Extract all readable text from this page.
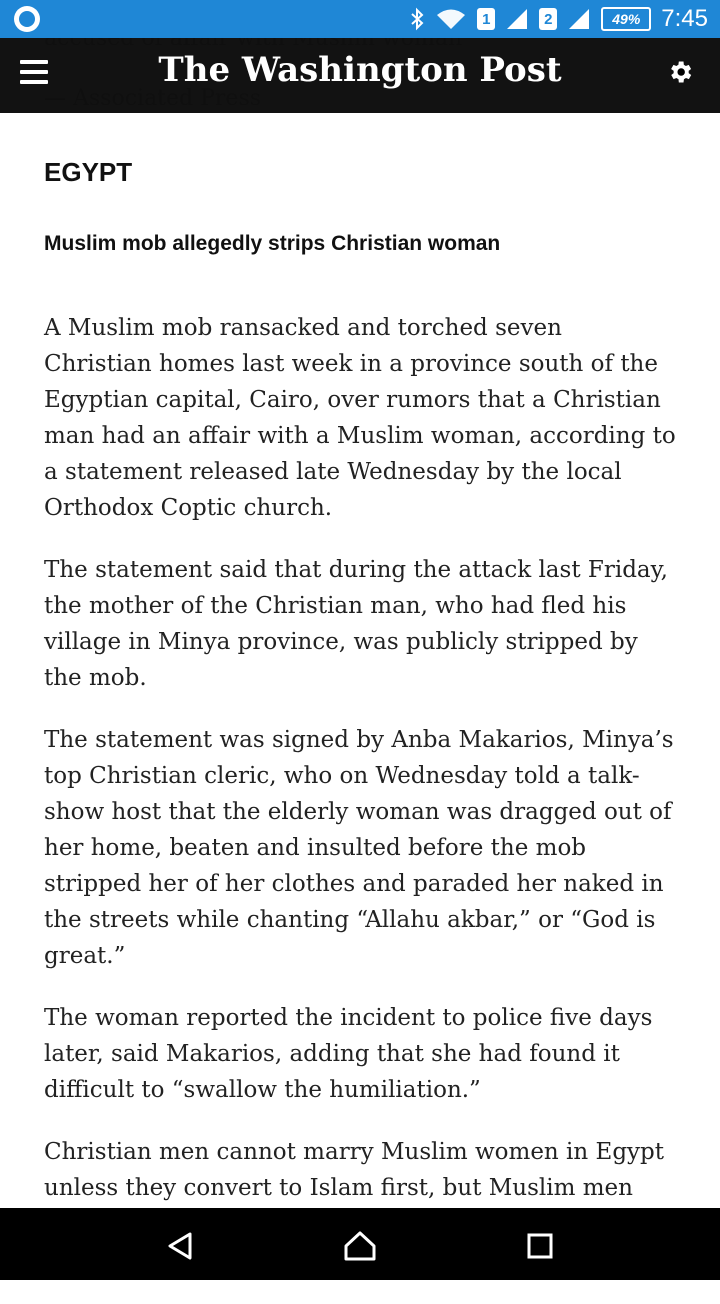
1	2	49% 7:45
The Washington Post
EGYPT
Muslim mob allegedly strips Christian woman

A Muslim mob ransacked and torched seven Christian homes last week in a province south of the Egyptian capital, Cairo, over rumors that a Christian man had an affair with a Muslim woman, according to a statement released late Wednesday by the local Orthodox Coptic church.

The statement said that during the attack last Friday, the mother of the Christian man, who had fled his village in Minya province, was publicly stripped by the mob.

The statement was signed by Anba Makarios, Minya’s top Christian cleric, who on Wednesday told a talk-show host that the elderly woman was dragged out of her home, beaten and insulted before the mob stripped her of her clothes and paraded her naked in the streets while chanting “Allahu akbar,” or “God is great.”

The woman reported the incident to police five days later, said Makarios, adding that she had found it difficult to “swallow the humiliation.”

Christian men cannot marry Muslim women in Egypt unless they convert to Islam first, but Muslim men
